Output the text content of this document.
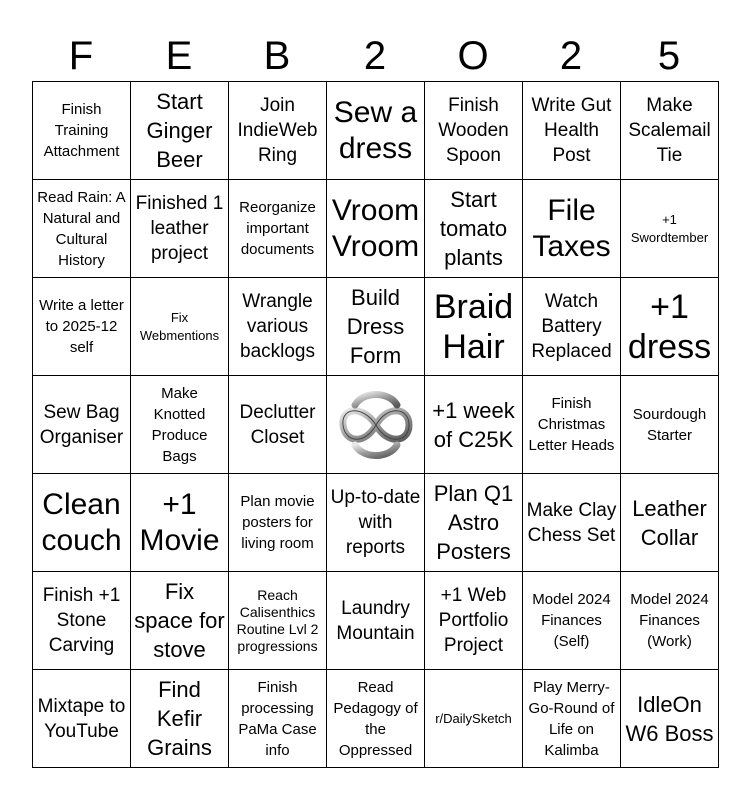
F	E	B	2	O	2	5
Finish Training Attachment
Start Ginger Beer
Join IndieWeb Ring
Sew a dress
Finish Wooden Spoon
Write Gut Health Post
Make Scalemail Tie
Read Rain: A Natural and Cultural History
Finished 1 leather project
Reorganize important documents
Vroom Vroom
Start tomato plants
File Taxes
+1 Swordtember
Write a letter to 2025-12 self
Fix Webmentions
Wrangle various backlogs
Build Dress Form
Braid Hair
Watch Battery Replaced
+1 dress
Sew Bag Organiser
Make Knotted Produce Bags
Declutter Closet
+1 week of C25K
Finish Christmas Letter Heads
Sourdough Starter
Clean couch
+1 Movie
Plan movie posters for living room
Up-to-date with reports
Plan Q1 Astro Posters
Make Clay Chess Set
Leather Collar
Finish +1 Stone Carving
Fix space for stove
Reach Calisenthics Routine Lvl 2 progressions
Laundry Mountain
+1 Web Portfolio Project
Model 2024 Finances (Self)
Model 2024 Finances (Work)
Mixtape to YouTube
Find Kefir Grains
Finish processing PaMa Case info
Read Pedagogy of the Oppressed
r/DailySketch
Play Merry-Go-Round of Life on Kalimba
IdleOn W6 Boss
